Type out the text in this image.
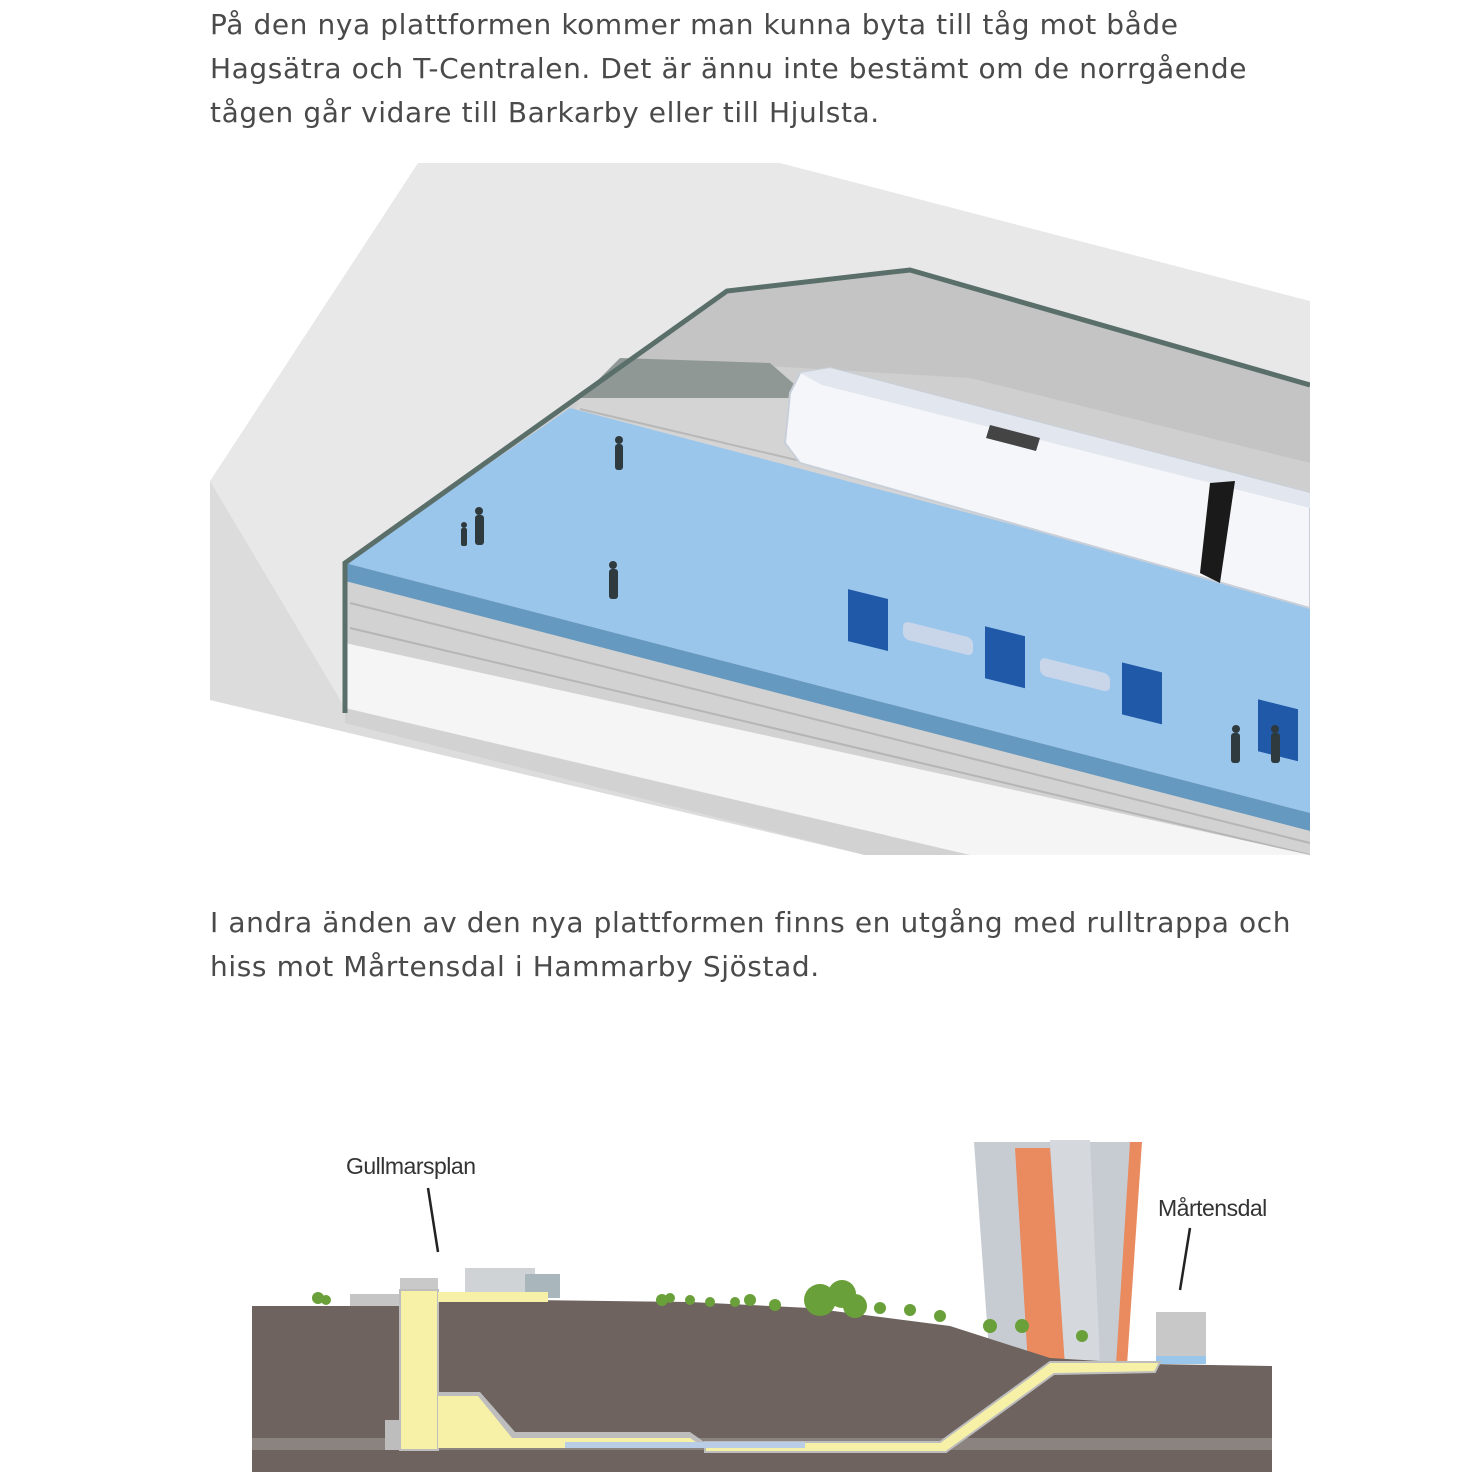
På den nya plattformen kommer man kunna byta till tåg mot både Hagsätra och T-Centralen. Det är ännu inte bestämt om de norrgående tågen går vidare till Barkarby eller till Hjulsta.

I andra änden av den nya plattformen finns en utgång med rulltrappa och hiss mot Mårtensdal i Hammarby Sjöstad.

Gullmarsplan
Mårtensdal
